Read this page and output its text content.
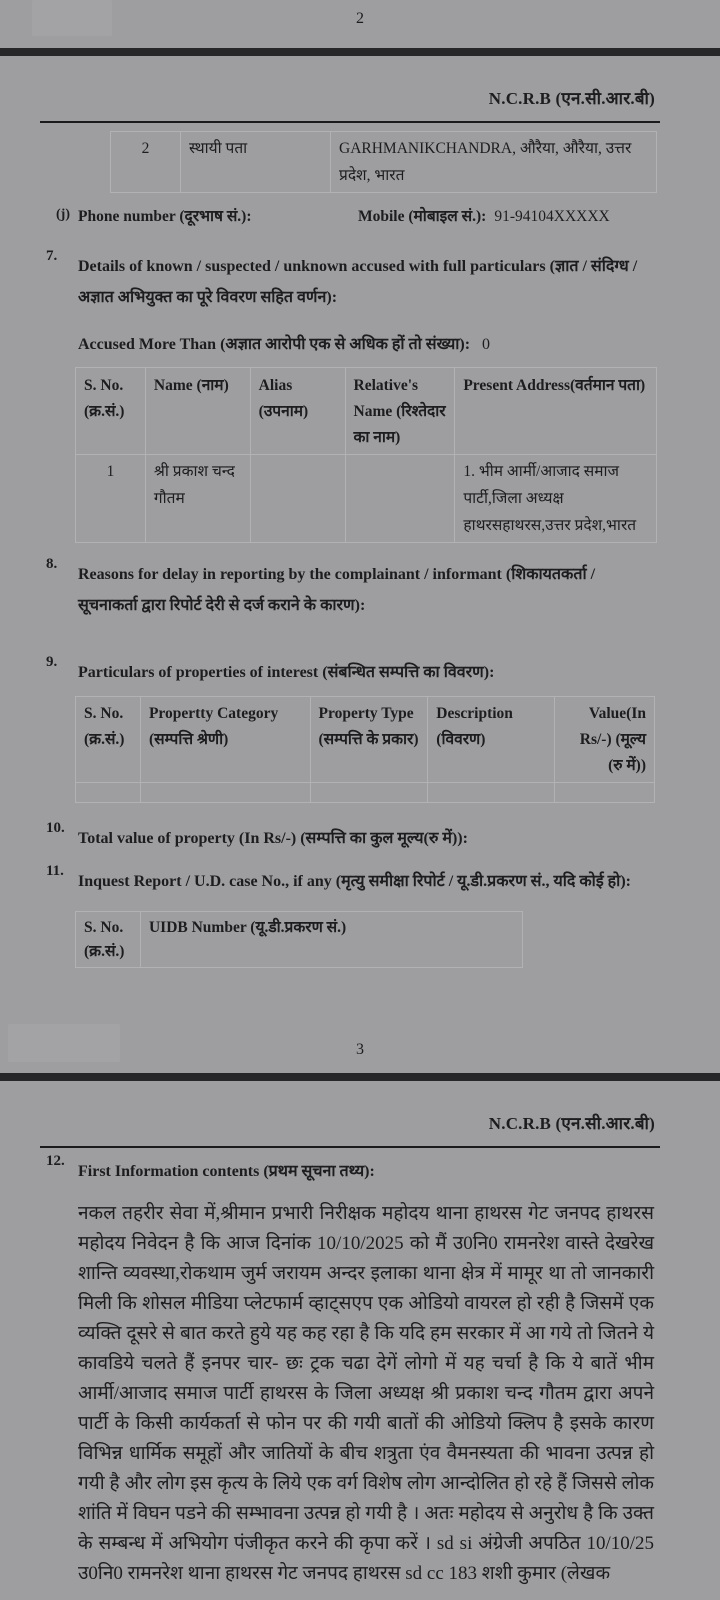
2
N.C.R.B (एन.सी.आर.बी)
2	स्थायी पता	GARHMANIKCHANDRA, औरैया, औरैया, उत्तर प्रदेश, भारत
(j) Phone number (दूरभाष सं.):	Mobile (मोबाइल सं.): 91-94104XXXXX
7.
Details of known / suspected / unknown accused with full particulars (ज्ञात / संदिग्ध / अज्ञात अभियुक्त का पूरे विवरण सहित वर्णन):
Accused More Than (अज्ञात आरोपी एक से अधिक हों तो संख्या): 0
S. No. (क्र.सं.)	Name (नाम)	Alias (उपनाम)	Relative's Name (रिश्तेदार का नाम)	Present Address(वर्तमान पता)
1	श्री प्रकाश चन्द गौतम			1. भीम आर्मी/आजाद समाज पार्टी,जिला अध्यक्ष हाथरसहाथरस,उत्तर प्रदेश,भारत
8.
Reasons for delay in reporting by the complainant / informant (शिकायतकर्ता / सूचनाकर्ता द्वारा रिपोर्ट देरी से दर्ज कराने के कारण):
9.
Particulars of properties of interest (संबन्धित सम्पत्ति का विवरण):
S. No. (क्र.सं.)	Propertty Category (सम्पत्ति श्रेणी)	Property Type (सम्पत्ति के प्रकार)	Description (विवरण)	Value(In Rs/-) (मूल्य (रु में))

10.
Total value of property (In Rs/-) (सम्पत्ति का कुल मूल्य(रु में)):
11.
Inquest Report / U.D. case No., if any (मृत्यु समीक्षा रिपोर्ट / यू.डी.प्रकरण सं., यदि कोई हो):
S. No. (क्र.सं.)	UIDB Number (यू.डी.प्रकरण सं.)
3
N.C.R.B (एन.सी.आर.बी)
12.
First Information contents (प्रथम सूचना तथ्य):
नकल तहरीर सेवा में,श्रीमान प्रभारी निरीक्षक महोदय थाना हाथरस गेट जनपद हाथरस महोदय निवेदन है कि आज दिनांक 10/10/2025 को मैं उ0नि0 रामनरेश वास्ते देखरेख शान्ति व्यवस्था,रोकथाम जुर्म जरायम अन्दर इलाका थाना क्षेत्र में मामूर था तो जानकारी मिली कि शोसल मीडिया प्लेटफार्म व्हाट्सएप एक ओडियो वायरल हो रही है जिसमें एक व्यक्ति दूसरे से बात करते हुये यह कह रहा है कि यदि हम सरकार में आ गये तो जितने ये कावडिये चलते हैं इनपर चार- छः ट्रक चढा देगें लोगो में यह चर्चा है कि ये बातें भीम आर्मी/आजाद समाज पार्टी हाथरस के जिला अध्यक्ष श्री प्रकाश चन्द गौतम द्वारा अपने पार्टी के किसी कार्यकर्ता से फोन पर की गयी बातों की ओडियो क्लिप है इसके कारण विभिन्न धार्मिक समूहों और जातियों के बीच शत्रुता एंव वैमनस्यता की भावना उत्पन्न हो गयी है और लोग इस कृत्य के लिये एक वर्ग विशेष लोग आन्दोलित हो रहे हैं जिससे लोक शांति में विघन पडने की सम्भावना उत्पन्न हो गयी है । अतः महोदय से अनुरोध है कि उक्त के सम्बन्ध में अभियोग पंजीकृत करने की कृपा करें । sd si अंग्रेजी अपठित 10/10/25 उ0नि0 रामनरेश थाना हाथरस गेट जनपद हाथरस sd cc 183 शशी कुमार (लेखक
